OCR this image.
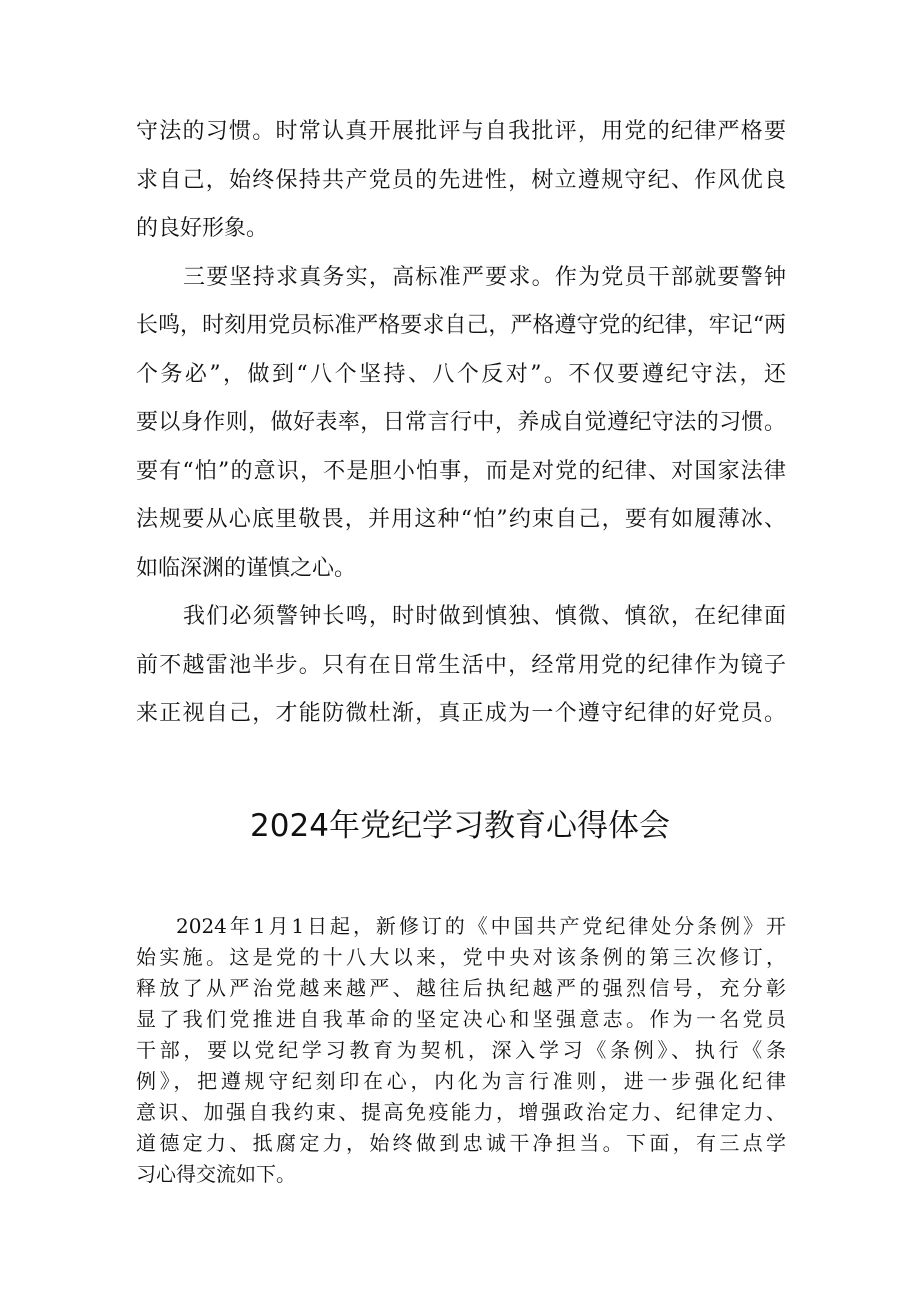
守法的习惯。时常认真开展批评与自我批评，用党的纪律严格要
求自己，始终保持共产党员的先进性，树立遵规守纪、作风优良
的良好形象。
三要坚持求真务实，高标准严要求。作为党员干部就要警钟
长鸣，时刻用党员标准严格要求自己，严格遵守党的纪律，牢记“两
个务必”，做到“八个坚持、八个反对”。不仅要遵纪守法，还
要以身作则，做好表率，日常言行中，养成自觉遵纪守法的习惯。
要有“怕”的意识，不是胆小怕事，而是对党的纪律、对国家法律
法规要从心底里敬畏，并用这种“怕”约束自己，要有如履薄冰、
如临深渊的谨慎之心。
我们必须警钟长鸣，时时做到慎独、慎微、慎欲，在纪律面
前不越雷池半步。只有在日常生活中，经常用党的纪律作为镜子
来正视自己，才能防微杜渐，真正成为一个遵守纪律的好党员。
2024年党纪学习教育心得体会
2024年1月1日起，新修订的《中国共产党纪律处分条例》开
始实施。这是党的十八大以来，党中央对该条例的第三次修订，
释放了从严治党越来越严、越往后执纪越严的强烈信号，充分彰
显了我们党推进自我革命的坚定决心和坚强意志。作为一名党员
干部，要以党纪学习教育为契机，深入学习《条例》、执行《条
例》，把遵规守纪刻印在心，内化为言行准则，进一步强化纪律
意识、加强自我约束、提高免疫能力，增强政治定力、纪律定力、
道德定力、抵腐定力，始终做到忠诚干净担当。下面，有三点学
习心得交流如下。
